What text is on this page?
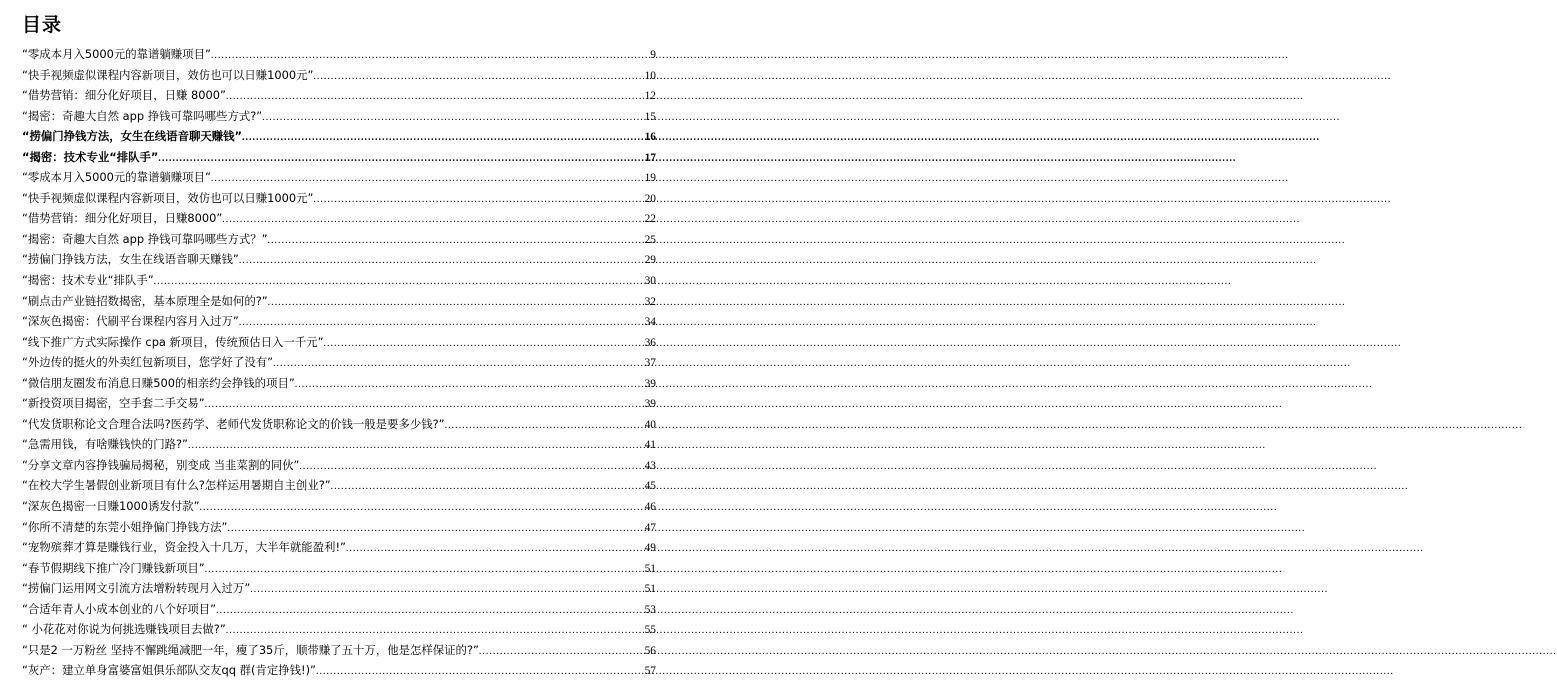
目录
“零成本月入5000元的靠谱躺赚项目” .....	9
“快手视频虚似课程内容新项目，效仿也可以日赚1000元” .....	10
“借势营销：细分化好项目，日赚 8000” .....	12
“揭密：奇趣大自然 app 挣钱可靠吗哪些方式?” .....	15
“捞偏门挣钱方法，女生在线语音聊天赚钱” .....	16
“揭密：技术专业“排队手” .....	17
“零成本月入5000元的靠谱躺赚项目” .....	19
“快手视频虚似课程内容新项目，效仿也可以日赚1000元” .....	20
“借势营销：细分化好项目，日赚8000” .....	22
“揭密：奇趣大自然 app 挣钱可靠吗哪些方式？” .....	25
“捞偏门挣钱方法，女生在线语音聊天赚钱” .....	29
“揭密：技术专业“排队手” .....	30
“刷点击产业链招数揭密，基本原理全是如何的?” .....	32
“深灰色揭密：代刷平台课程内容月入过万” .....	34
“线下推广方式实际操作 cpa 新项目，传统预估日入一千元” .....	36
“外边传的挺火的外卖红包新项目，您学好了没有” .....	37
“微信朋友圈发布消息日赚500的相亲约会挣钱的项目” .....	39
“新投资项目揭密，空手套二手交易” .....	39
“代发货职称论文合理合法吗?医药学、老师代发货职称论文的价钱一般是要多少钱?” .....	40
“急需用钱，有啥赚钱快的门路?” .....	41
“分享文章内容挣钱骗局揭秘，别变成 当韭菜割的同伙” .....	43
“在校大学生暑假创业新项目有什么?怎样运用暑期自主创业?” .....	45
“深灰色揭密一日赚1000诱发付款” .....	46
“你所不清楚的东莞小姐挣偏门挣钱方法” .....	47
“宠物殡葬才算是赚钱行业，资金投入十几万，大半年就能盈利!” .....	49
“春节假期线下推广冷门赚钱新项目” .....	51
“捞偏门运用网文引流方法增粉转现月入过万” .....	51
“合适年青人小成本创业的八个好项目” .....	53
“ 小花花对你说为何挑选赚钱项目去做?” .....	55
“只是2 一万粉丝 坚持不懈跳绳减肥一年，瘦了35斤，顺带赚了五十万，他是怎样保证的?” .....	56
“灰产：建立单身富婆富姐俱乐部队交友qq 群(肯定挣钱!)” .....	57
